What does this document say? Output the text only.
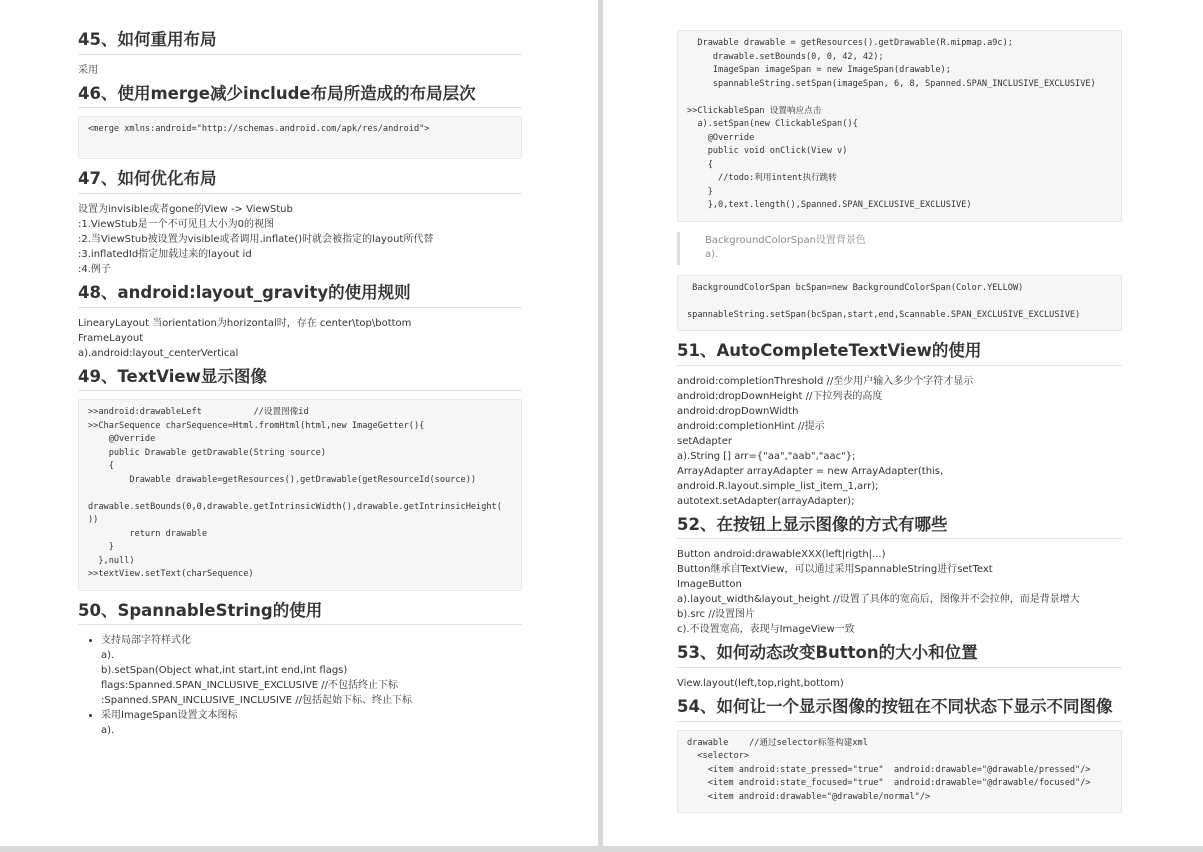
45、如何重用布局
采用
46、使用merge减少include布局所造成的布局层次
<merge xmlns:android="http://schemas.android.com/apk/res/android">

47、如何优化布局
设置为invisible或者gone的View -> ViewStub
:1.ViewStub是一个不可见且大小为0的视图
:2.当ViewStub被设置为visible或者调用.inflate()时就会被指定的layout所代替
:3.inflatedId指定加载过来的layout id
:4.例子
48、android:layout_gravity的使用规则
LinearyLayout 当orientation为horizontal时，存在 center\top\bottom
FrameLayout
a).android:layout_centerVertical
49、TextView显示图像
>>android:drawableLeft          //设置图像id
>>CharSequence charSequence=Html.fromHtml(html,new ImageGetter(){
@Override
public Drawable getDrawable(String source)
{
Drawable drawable=getResources().getDrawable(getResourceId(source))

drawable.setBounds(0,0,drawable.getIntrinsicWidth(),drawable.getIntrinsicHeight(
))
return drawable
}
},null)
>>textView.setText(charSequence)
50、SpannableString的使用
• 支持局部字符样式化
a).
b).setSpan(Object what,int start,int end,int flags)
flags:Spanned.SPAN_INCLUSIVE_EXCLUSIVE //不包括终止下标
:Spanned.SPAN_INCLUSIVE_INCLUSIVE //包括起始下标、终止下标
• 采用ImageSpan设置文本图标
a).
Drawable drawable = getResources().getDrawable(R.mipmap.a9c);
drawable.setBounds(0, 0, 42, 42);
ImageSpan imageSpan = new ImageSpan(drawable);
spannableString.setSpan(imageSpan, 6, 8, Spanned.SPAN_INCLUSIVE_EXCLUSIVE)

>>ClickableSpan 设置响应点击
a).setSpan(new ClickableSpan(){
@Override
public void onClick(View v)
{
//todo:利用intent执行跳转
}
},0,text.length(),Spanned.SPAN_EXCLUSIVE_EXCLUSIVE)
BackgroundColorSpan设置背景色
a).
BackgroundColorSpan bcSpan=new BackgroundColorSpan(Color.YELLOW)

spannableString.setSpan(bcSpan,start,end,Scannable.SPAN_EXCLUSIVE_EXCLUSIVE)
51、AutoCompleteTextView的使用
android:completionThreshold //至少用户输入多少个字符才显示
android:dropDownHeight //下拉列表的高度
android:dropDownWidth
android:completionHint //提示
setAdapter
a).String [] arr={"aa","aab","aac"};
ArrayAdapter arrayAdapter = new ArrayAdapter(this, android.R.layout.simple_list_item_1,arr);
autotext.setAdapter(arrayAdapter);
52、在按钮上显示图像的方式有哪些
Button android:drawableXXX(left|rigth|...)
Button继承自TextView，可以通过采用SpannableString进行setText
ImageButton
a).layout_width&layout_height //设置了具体的宽高后，图像并不会拉伸，而是背景增大
b).src //设置图片
c).不设置宽高，表现与ImageView一致
53、如何动态改变Button的大小和位置
View.layout(left,top,right,bottom)
54、如何让一个显示图像的按钮在不同状态下显示不同图像
drawable    //通过selector标签构建xml
<selector>
<item android:state_pressed="true"  android:drawable="@drawable/pressed"/>
<item android:state_focused="true"  android:drawable="@drawable/focused"/>
<item android:drawable="@drawable/normal"/>
